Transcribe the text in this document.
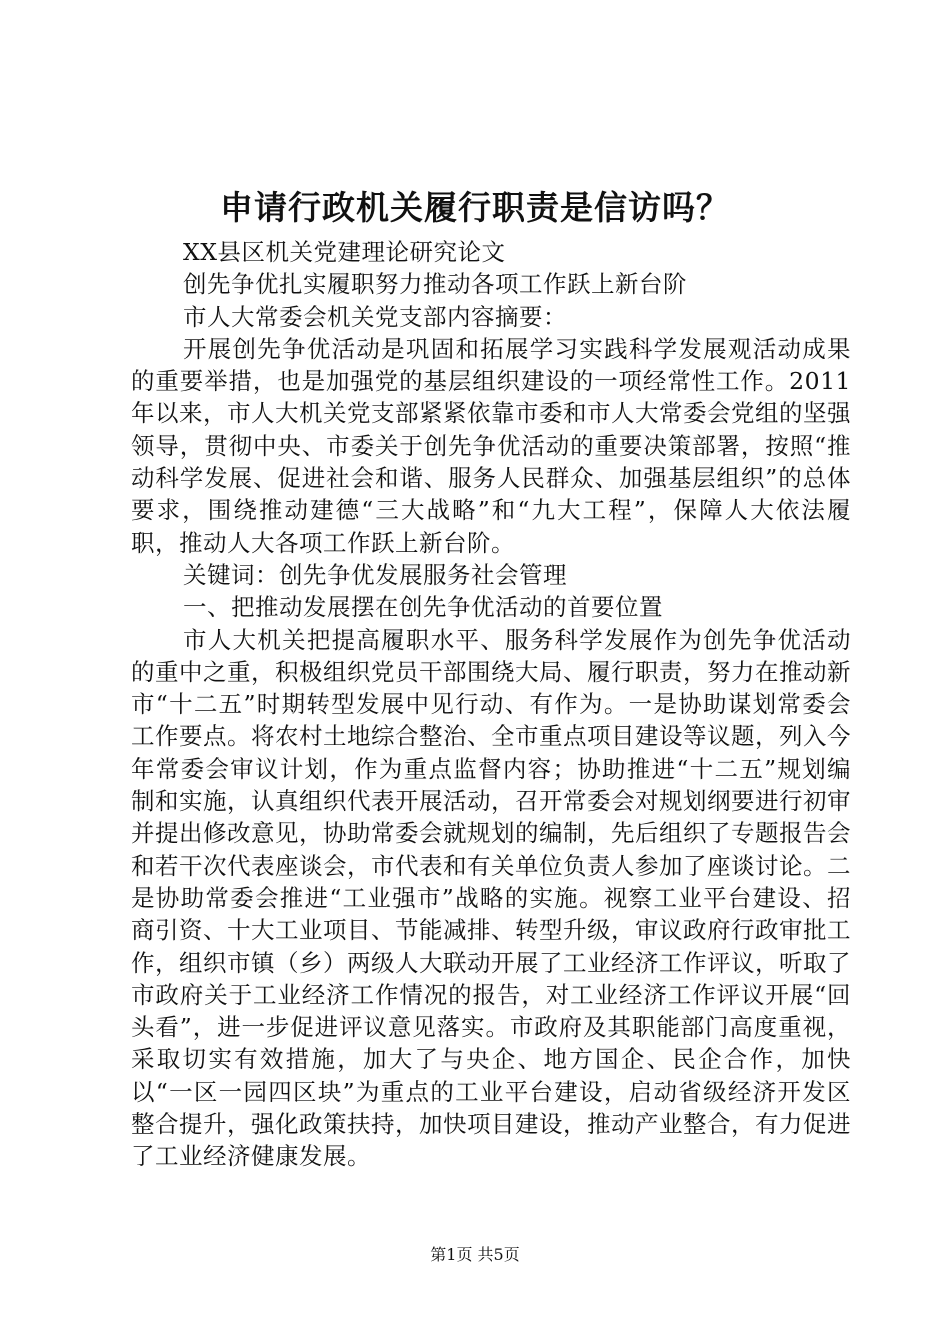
申请行政机关履行职责是信访吗？

XX县区机关党建理论研究论文

创先争优扎实履职努力推动各项工作跃上新台阶

市人大常委会机关党支部内容摘要：

开展创先争优活动是巩固和拓展学习实践科学发展观活动成果的重要举措，也是加强党的基层组织建设的一项经常性工作。2011年以来，市人大机关党支部紧紧依靠市委和市人大常委会党组的坚强领导，贯彻中央、市委关于创先争优活动的重要决策部署，按照“推动科学发展、促进社会和谐、服务人民群众、加强基层组织”的总体要求，围绕推动建德“三大战略”和“九大工程”，保障人大依法履职，推动人大各项工作跃上新台阶。

关键词：创先争优发展服务社会管理

一、把推动发展摆在创先争优活动的首要位置

市人大机关把提高履职水平、服务科学发展作为创先争优活动的重中之重，积极组织党员干部围绕大局、履行职责，努力在推动新市“十二五”时期转型发展中见行动、有作为。一是协助谋划常委会工作要点。将农村土地综合整治、全市重点项目建设等议题，列入今年常委会审议计划，作为重点监督内容；协助推进“十二五”规划编制和实施，认真组织代表开展活动，召开常委会对规划纲要进行初审并提出修改意见，协助常委会就规划的编制，先后组织了专题报告会和若干次代表座谈会，市代表和有关单位负责人参加了座谈讨论。二是协助常委会推进“工业强市”战略的实施。视察工业平台建设、招商引资、十大工业项目、节能减排、转型升级，审议政府行政审批工作，组织市镇（乡）两级人大联动开展了工业经济工作评议，听取了市政府关于工业经济工作情况的报告，对工业经济工作评议开展“回头看”，进一步促进评议意见落实。市政府及其职能部门高度重视，采取切实有效措施，加大了与央企、地方国企、民企合作，加快以“一区一园四区块”为重点的工业平台建设，启动省级经济开发区整合提升，强化政策扶持，加快项目建设，推动产业整合，有力促进了工业经济健康发展。

第1页 共5页
